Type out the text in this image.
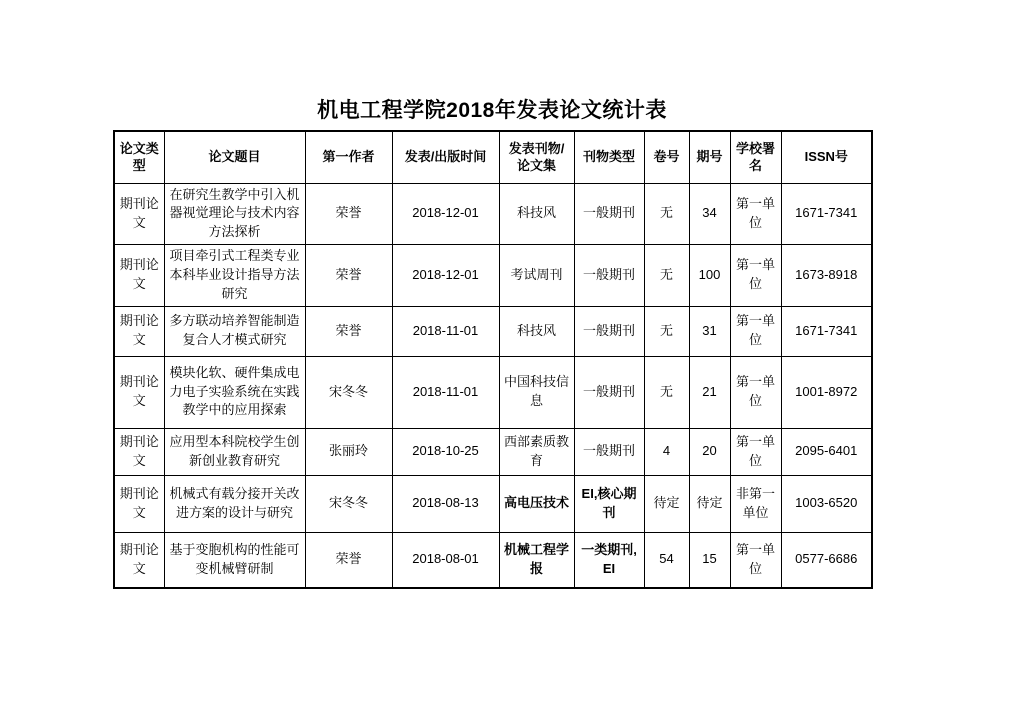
机电工程学院2018年发表论文统计表
论文类型	论文题目	第一作者	发表/出版时间	发表刊物/论文集	刊物类型	卷号	期号	学校署名	ISSN号
期刊论文	在研究生教学中引入机器视觉理论与技术内容方法探析	荣誉	2018-12-01	科技风	一般期刊	无	34	第一单位	1671-7341
期刊论文	项目牵引式工程类专业本科毕业设计指导方法研究	荣誉	2018-12-01	考试周刊	一般期刊	无	100	第一单位	1673-8918
期刊论文	多方联动培养智能制造复合人才模式研究	荣誉	2018-11-01	科技风	一般期刊	无	31	第一单位	1671-7341
期刊论文	模块化软、硬件集成电力电子实验系统在实践教学中的应用探索	宋冬冬	2018-11-01	中国科技信息	一般期刊	无	21	第一单位	1001-8972
期刊论文	应用型本科院校学生创新创业教育研究	张丽玲	2018-10-25	西部素质教育	一般期刊	4	20	第一单位	2095-6401
期刊论文	机械式有载分接开关改进方案的设计与研究	宋冬冬	2018-08-13	高电压技术	EI,核心期刊	待定	待定	非第一单位	1003-6520
期刊论文	基于变胞机构的性能可变机械臂研制	荣誉	2018-08-01	机械工程学报	一类期刊,EI	54	15	第一单位	0577-6686
